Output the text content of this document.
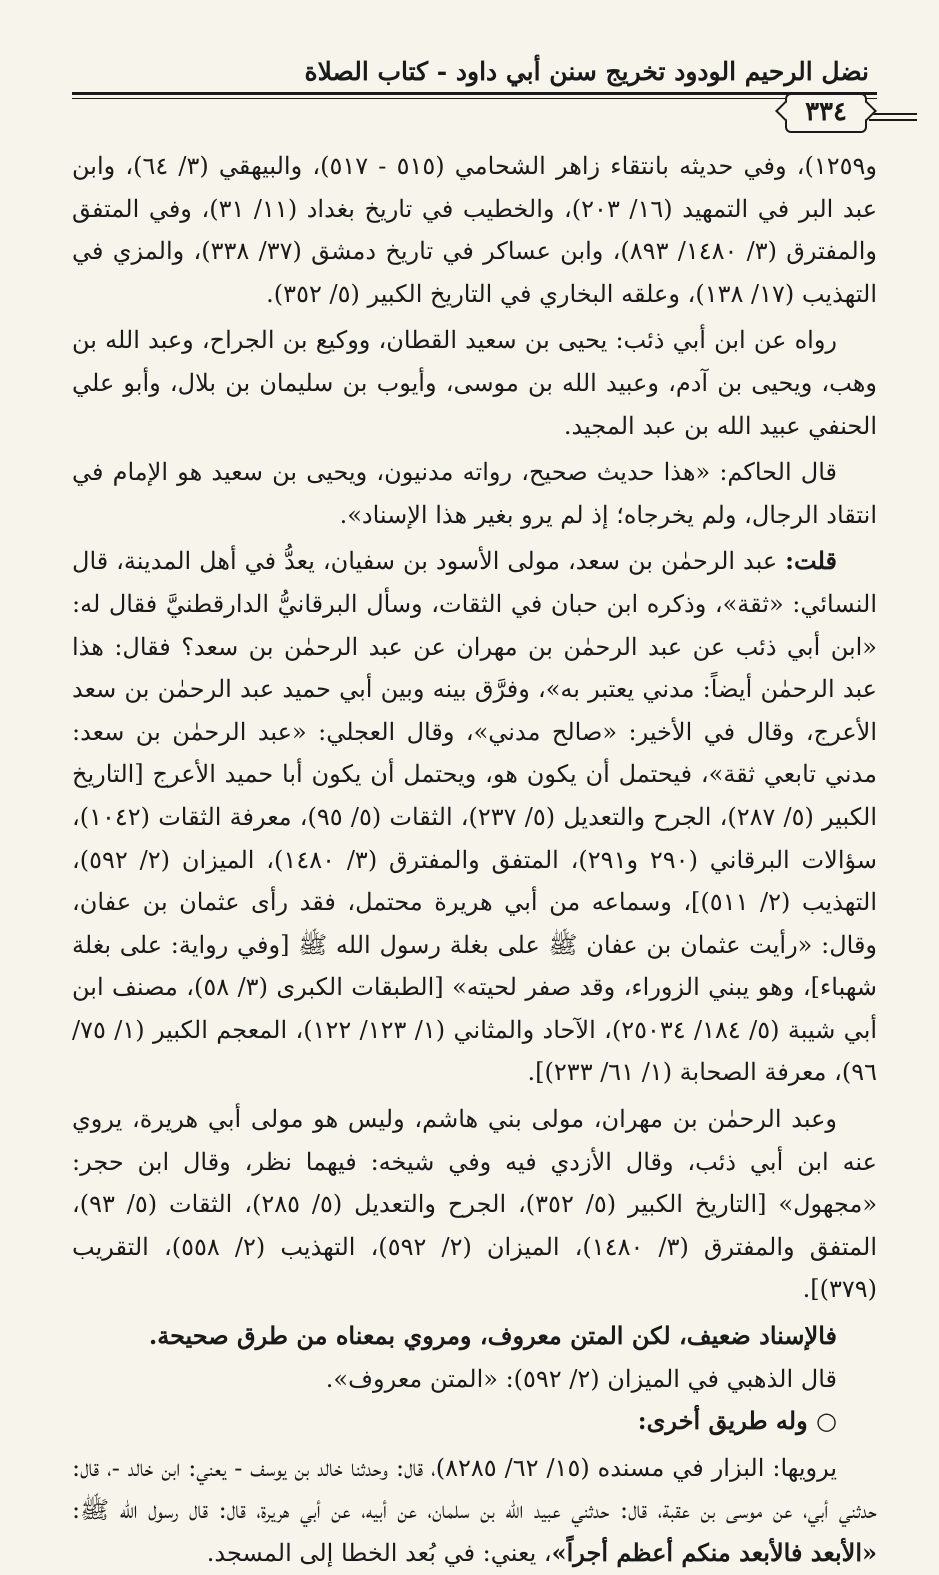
نضل الرحيم الودود تخريج سنن أبي داود - كتاب الصلاة
٣٣٤

و١٢٥٩)، وفي حديثه بانتقاء زاهر الشحامي (٥١٥ - ٥١٧)، والبيهقي (٣/ ٦٤)، وابن عبد البر في التمهيد (١٦/ ٢٠٣)، والخطيب في تاريخ بغداد (١١/ ٣١)، وفي المتفق والمفترق (٣/ ١٤٨٠/ ٨٩٣)، وابن عساكر في تاريخ دمشق (٣٧/ ٣٣٨)، والمزي في التهذيب (١٧/ ١٣٨)، وعلقه البخاري في التاريخ الكبير (٥/ ٣٥٢).

رواه عن ابن أبي ذئب: يحيى بن سعيد القطان، ووكيع بن الجراح، وعبد الله بن وهب، ويحيى بن آدم، وعبيد الله بن موسى، وأيوب بن سليمان بن بلال، وأبو علي الحنفي عبيد الله بن عبد المجيد.

قال الحاكم: «هذا حديث صحيح، رواته مدنيون، ويحيى بن سعيد هو الإمام في انتقاد الرجال، ولم يخرجاه؛ إذ لم يرو بغير هذا الإسناد».

قلت: عبد الرحمٰن بن سعد، مولى الأسود بن سفيان، يعدُّ في أهل المدينة، قال النسائي: «ثقة»، وذكره ابن حبان في الثقات، وسأل البرقانيُّ الدارقطنيَّ فقال له: «ابن أبي ذئب عن عبد الرحمٰن بن مهران عن عبد الرحمٰن بن سعد؟ فقال: هذا عبد الرحمٰن أيضاً: مدني يعتبر به»، وفرَّق بينه وبين أبي حميد عبد الرحمٰن بن سعد الأعرج، وقال في الأخير: «صالح مدني»، وقال العجلي: «عبد الرحمٰن بن سعد: مدني تابعي ثقة»، فيحتمل أن يكون هو، ويحتمل أن يكون أبا حميد الأعرج [التاريخ الكبير (٥/ ٢٨٧)، الجرح والتعديل (٥/ ٢٣٧)، الثقات (٥/ ٩٥)، معرفة الثقات (١٠٤٢)، سؤالات البرقاني (٢٩٠ و٢٩١)، المتفق والمفترق (٣/ ١٤٨٠)، الميزان (٢/ ٥٩٢)، التهذيب (٢/ ٥١١)]، وسماعه من أبي هريرة محتمل، فقد رأى عثمان بن عفان، وقال: «رأيت عثمان بن عفان ﷺ على بغلة رسول الله ﷺ [وفي رواية: على بغلة شهباء]، وهو يبني الزوراء، وقد صفر لحيته» [الطبقات الكبرى (٣/ ٥٨)، مصنف ابن أبي شيبة (٥/ ١٨٤/ ٢٥٠٣٤)، الآحاد والمثاني (١/ ١٢٣/ ١٢٢)، المعجم الكبير (١/ ٧٥/ ٩٦)، معرفة الصحابة (١/ ٦١/ ٢٣٣)].

وعبد الرحمٰن بن مهران، مولى بني هاشم، وليس هو مولى أبي هريرة، يروي عنه ابن أبي ذئب، وقال الأزدي فيه وفي شيخه: فيهما نظر، وقال ابن حجر: «مجهول» [التاريخ الكبير (٥/ ٣٥٢)، الجرح والتعديل (٥/ ٢٨٥)، الثقات (٥/ ٩٣)، المتفق والمفترق (٣/ ١٤٨٠)، الميزان (٢/ ٥٩٢)، التهذيب (٢/ ٥٥٨)، التقريب (٣٧٩)].

فالإسناد ضعيف، لكن المتن معروف، ومروي بمعناه من طرق صحيحة.

قال الذهبي في الميزان (٢/ ٥٩٢): «المتن معروف».

○ وله طريق أخرى:

يرويها: البزار في مسنده (١٥/ ٦٢/ ٨٢٨٥)، قال: وحدثنا خالد بن يوسف - يعني: ابن خالد -، قال: حدثني أبي، عن موسى بن عقبة، قال: حدثني عبيد الله بن سلمان، عن أبيه، عن أبي هريرة، قال: قال رسول الله ﷺ: «الأبعد فالأبعد منكم أعظم أجراً»، يعني: في بُعد الخطا إلى المسجد.
